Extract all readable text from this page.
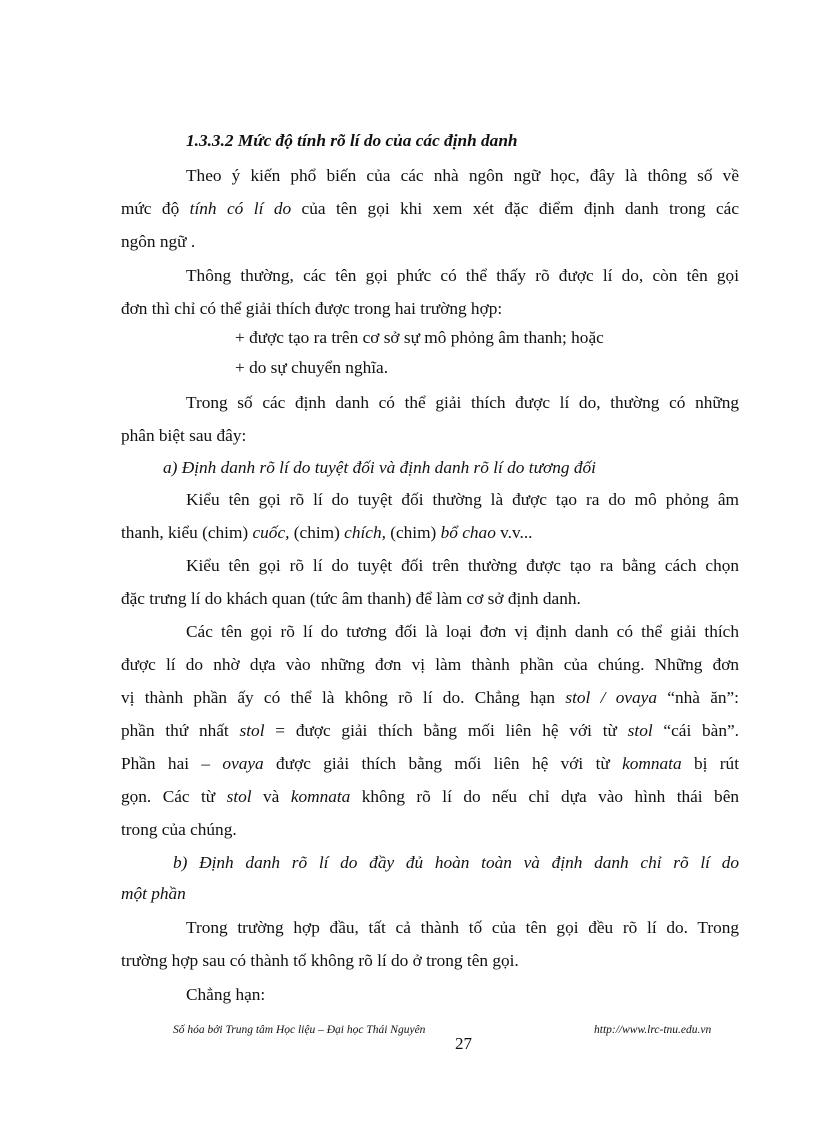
1.3.3.2 Mức độ tính rõ lí do của các định danh
Theo ý kiến phổ biến của các nhà ngôn ngữ học, đây là thông số về
mức độ tính có lí do của tên gọi khi xem xét đặc điểm định danh trong các
ngôn ngữ .
Thông thường, các tên gọi phức có thể thấy rõ được lí do, còn tên gọi
đơn thì chỉ có thể giải thích được trong hai trường hợp:
+ được tạo ra trên cơ sở sự mô phỏng âm thanh; hoặc
+ do sự chuyển nghĩa.
Trong số các định danh có thể giải thích được lí do, thường có những
phân biệt sau đây:
a) Định danh rõ lí do tuyệt đối và định danh rõ lí do tương đối
Kiểu tên gọi rõ lí do tuyệt đối thường là được tạo ra do mô phỏng âm
thanh, kiểu (chim) cuốc, (chim) chích, (chim) bổ chao v.v...
Kiểu tên gọi rõ lí do tuyệt đối trên thường được tạo ra bằng cách chọn
đặc trưng lí do khách quan (tức âm thanh) để làm cơ sở định danh.
Các tên gọi rõ lí do tương đối là loại đơn vị định danh có thể giải thích
được lí do nhờ dựa vào những đơn vị làm thành phần của chúng. Những đơn
vị thành phần ấy có thể là không rõ lí do. Chẳng hạn stol / ovaya “nhà ăn”:
phần thứ nhất stol = được giải thích bằng mối liên hệ với từ stol “cái bàn”.
Phần hai – ovaya được giải thích bằng mối liên hệ với từ komnata bị rút
gọn. Các từ stol và komnata không rõ lí do nếu chỉ dựa vào hình thái bên
trong của chúng.
b) Định danh rõ lí do đầy đủ hoàn toàn và định danh chỉ rõ lí do
một phần
Trong trường hợp đầu, tất cả thành tố của tên gọi đều rõ lí do. Trong
trường hợp sau có thành tố không rõ lí do ở trong tên gọi.
Chẳng hạn:
Số hóa bởi Trung tâm Học liệu – Đại học Thái Nguyên	http://www.lrc-tnu.edu.vn
27
